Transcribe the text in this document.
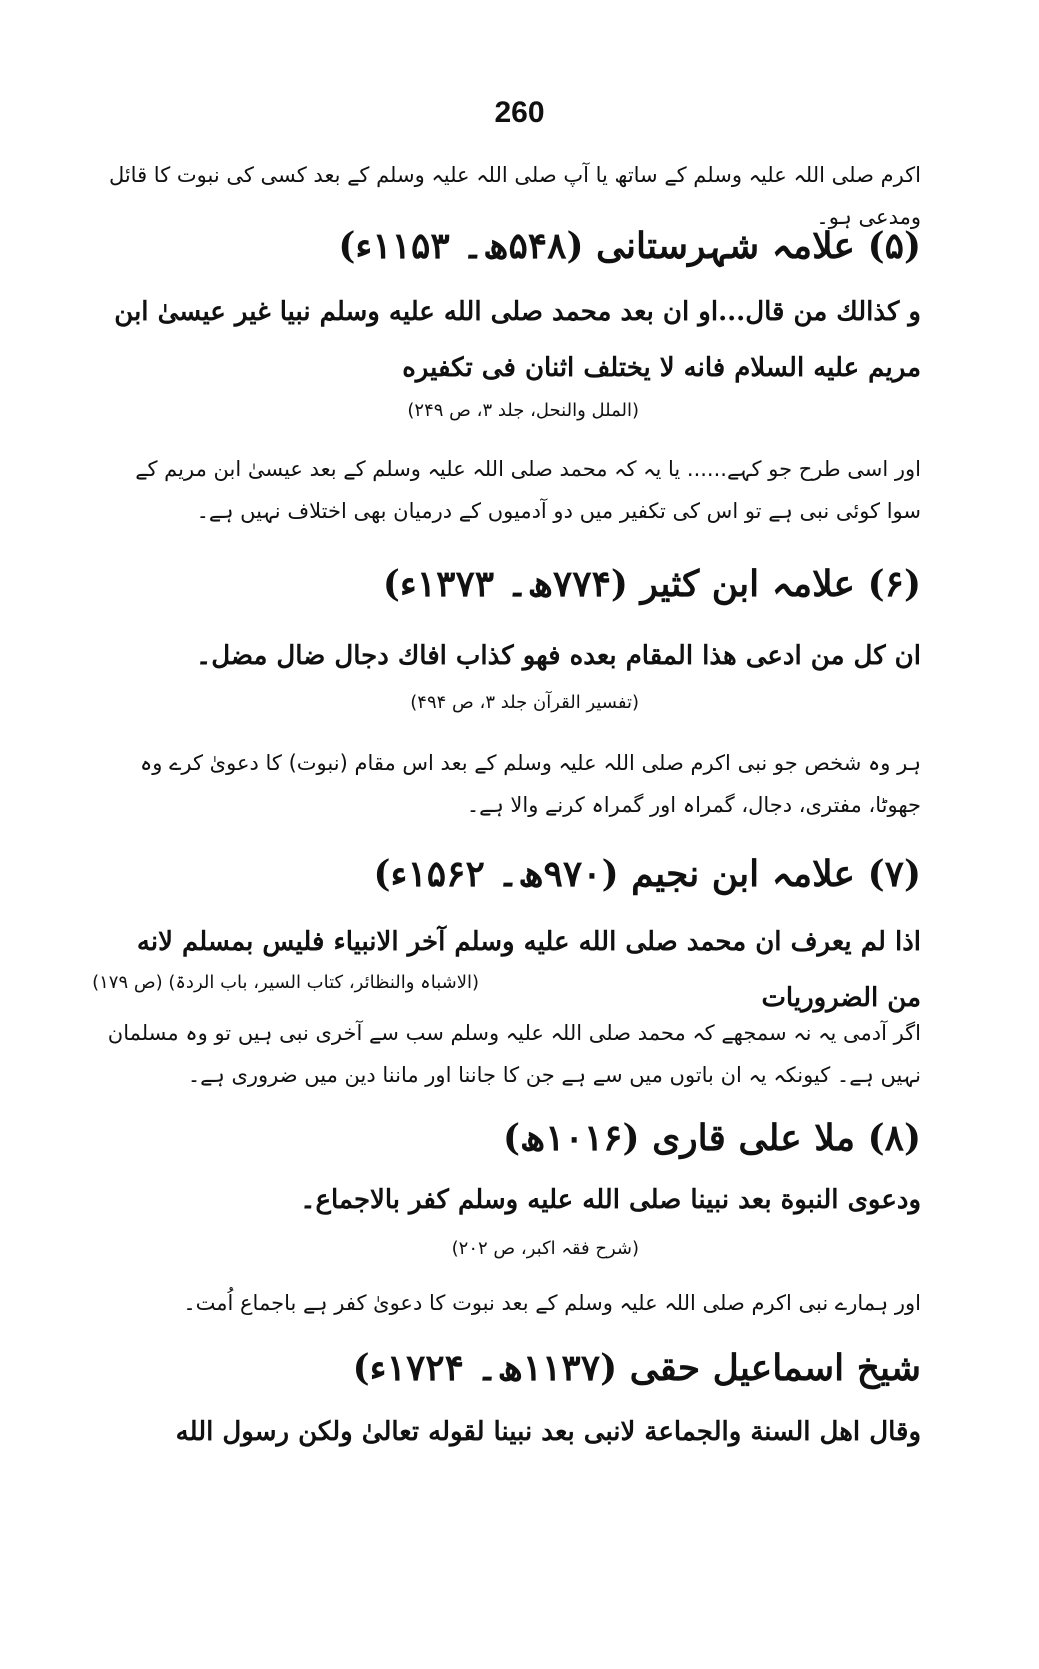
260

اکرم صلی اللہ علیہ وسلم کے ساتھ یا آپ صلی اللہ علیہ وسلم کے بعد کسی کی نبوت کا قائل ومدعی ہو۔

(۵) علامہ شہرستانی (۵۴۸ھ۔ ۱۱۵۳ء)

و کذالك من قال...او ان بعد محمد صلى الله عليه وسلم نبيا غير عيسىٰ ابن مريم عليه السلام فانه لا يختلف اثنان فى تكفيره

(الملل والنحل، جلد ۳، ص ۲۴۹)

اور اسی طرح جو کہے...... یا یہ کہ محمد صلی اللہ علیہ وسلم کے بعد عیسیٰ ابن مریم کے سوا کوئی نبی ہے تو اس کی تکفیر میں دو آدمیوں کے درمیان بھی اختلاف نہیں ہے۔

(۶) علامہ ابن کثیر (۷۷۴ھ۔ ۱۳۷۳ء)

ان كل من ادعى هذا المقام بعده فهو كذاب افاك دجال ضال مضل۔

(تفسیر القرآن جلد ۳، ص ۴۹۴)

ہر وہ شخص جو نبی اکرم صلی اللہ علیہ وسلم کے بعد اس مقام (نبوت) کا دعویٰ کرے وہ جھوٹا، مفتری، دجال، گمراہ اور گمراہ کرنے والا ہے۔

(۷) علامہ ابن نجیم (۹۷۰ھ۔ ۱۵۶۲ء)

اذا لم يعرف ان محمد صلى الله عليه وسلم آخر الانبياء فليس بمسلم لانه من الضروريات

(الاشباہ والنظائر، کتاب السیر، باب الردۃ) (ص ۱۷۹)

اگر آدمی یہ نہ سمجھے کہ محمد صلی اللہ علیہ وسلم سب سے آخری نبی ہیں تو وہ مسلمان نہیں ہے۔ کیونکہ یہ ان باتوں میں سے ہے جن کا جاننا اور ماننا دین میں ضروری ہے۔

(۸) ملا علی قاری (۱۰۱۶ھ)

ودعوى النبوة بعد نبينا صلى الله عليه وسلم كفر بالاجماع۔

(شرح فقہ اکبر، ص ۲۰۲)

اور ہمارے نبی اکرم صلی اللہ علیہ وسلم کے بعد نبوت کا دعویٰ کفر ہے باجماع اُمت۔

شیخ اسماعیل حقی (۱۱۳۷ھ۔ ۱۷۲۴ء)

وقال اهل السنة والجماعة لانبى بعد نبينا لقوله تعالىٰ ولكن رسول الله
